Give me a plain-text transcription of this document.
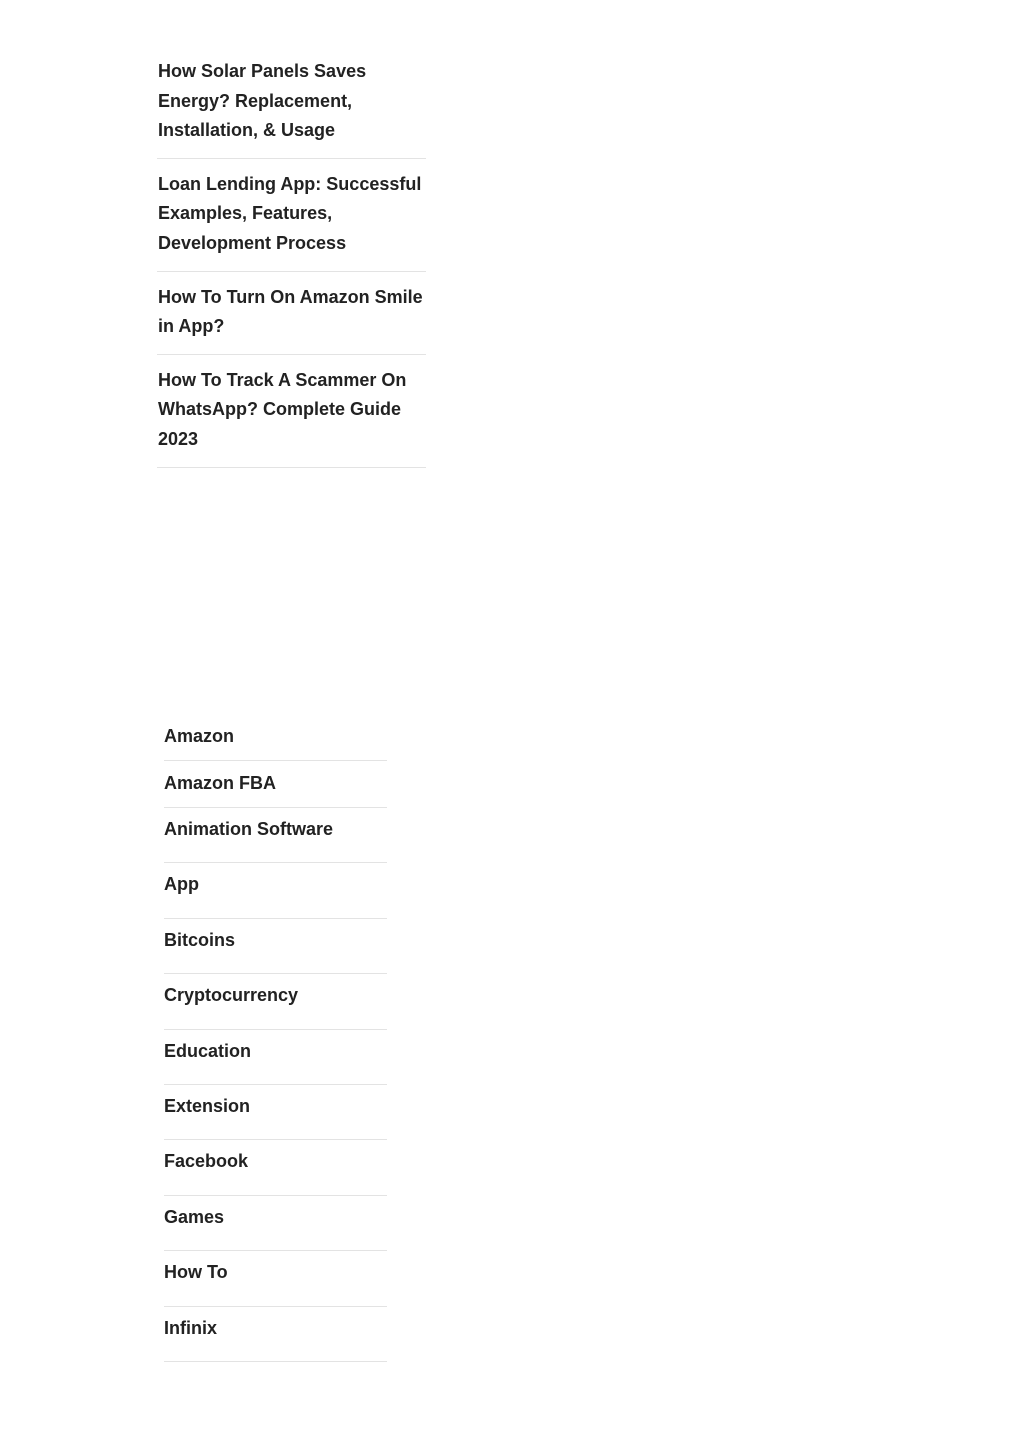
How Solar Panels Saves Energy? Replacement, Installation, & Usage
Loan Lending App: Successful Examples, Features, Development Process
How To Turn On Amazon Smile in App?
How To Track A Scammer On WhatsApp? Complete Guide 2023
Amazon
Amazon FBA
Animation Software
App
Bitcoins
Cryptocurrency
Education
Extension
Facebook
Games
How To
Infinix
